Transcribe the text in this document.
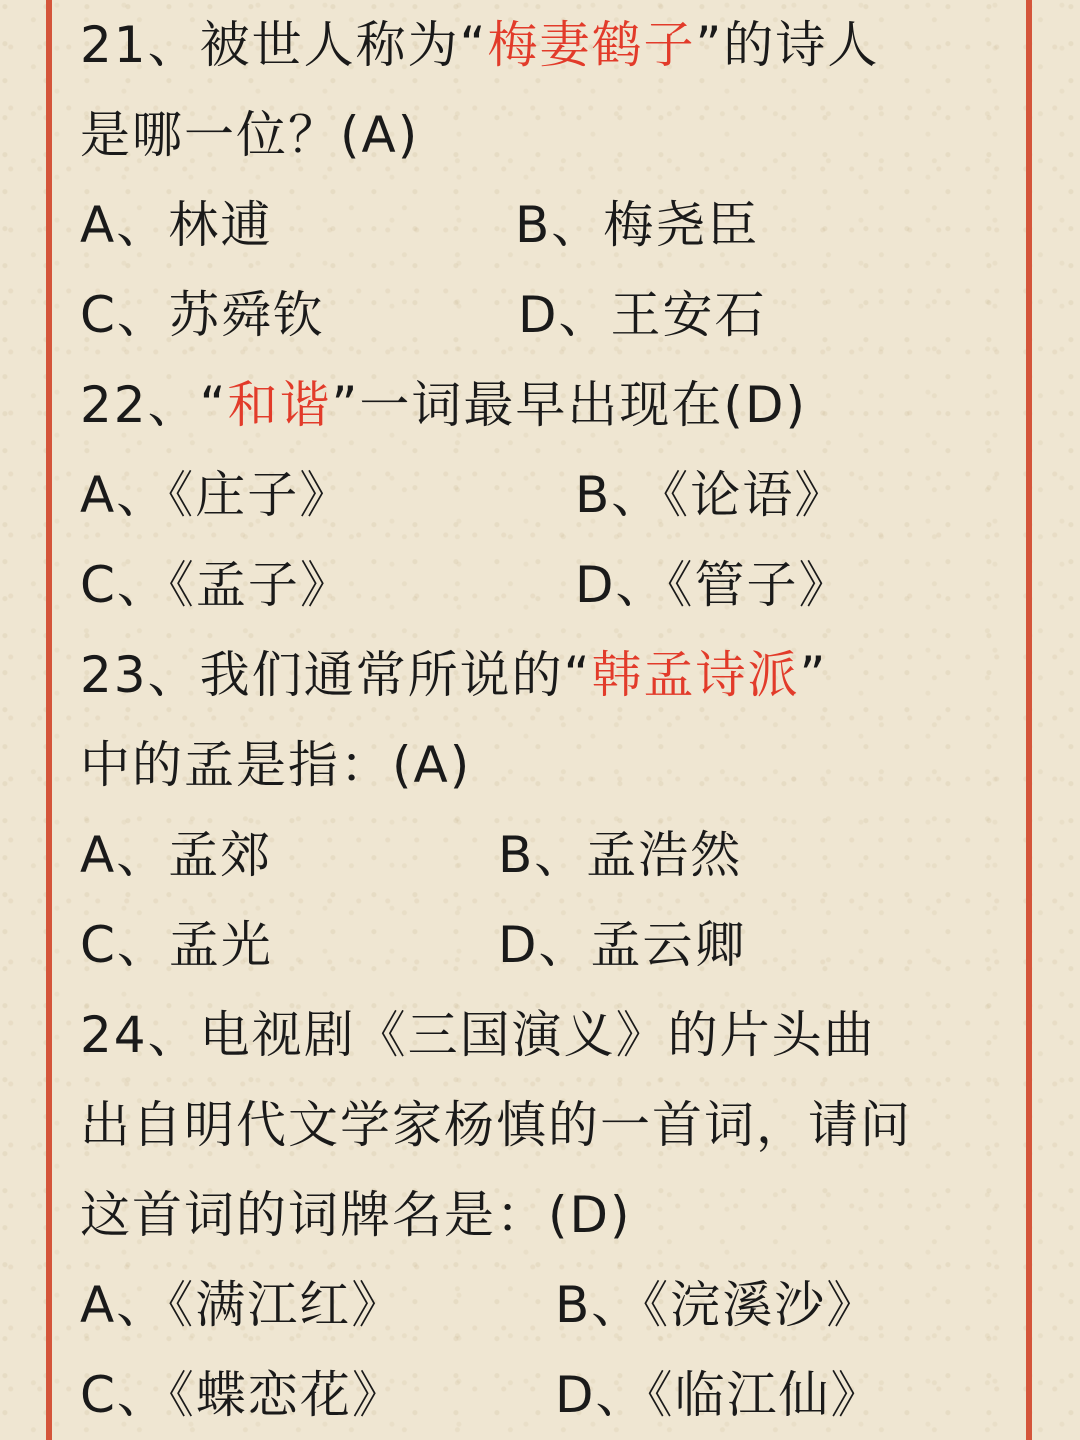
21、被世人称为“梅妻鹤子”的诗人
是哪一位？(A)
A、林逋	B、梅尧臣
C、苏舜钦	D、王安石
22、“和谐”一词最早出现在(D)
A、《庄子》	B、《论语》
C、《孟子》	D、《管子》
23、我们通常所说的“韩孟诗派”
中的孟是指：(A)
A、孟郊	B、孟浩然
C、孟光	D、孟云卿
24、电视剧《三国演义》的片头曲
出自明代文学家杨慎的一首词，请问
这首词的词牌名是：(D)
A、《满江红》	B、《浣溪沙》
C、《蝶恋花》	D、《临江仙》
